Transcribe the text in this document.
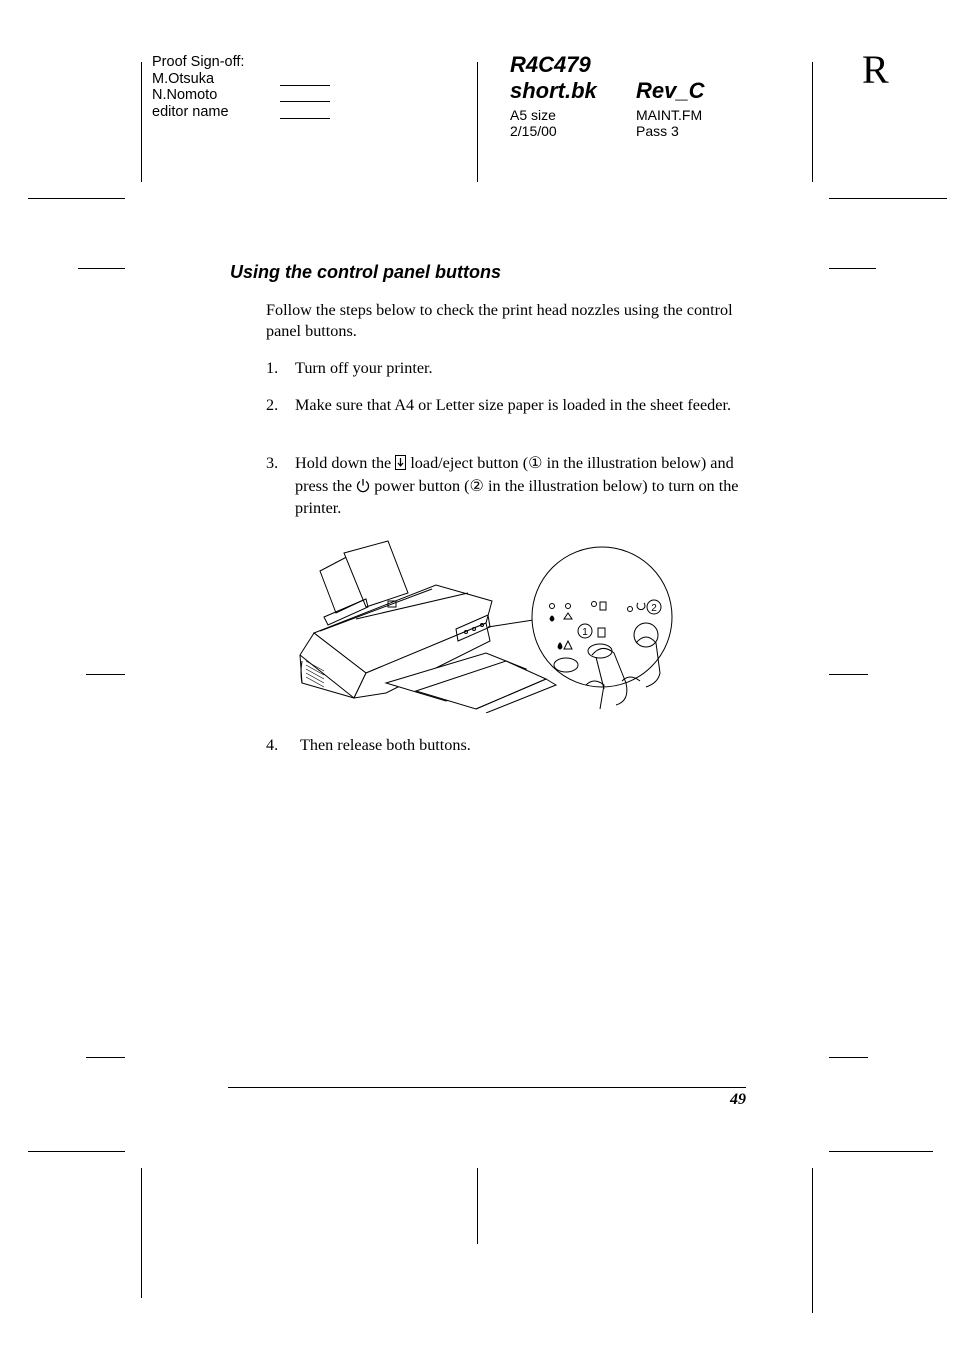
Proof Sign-off:
M.Otsuka
N.Nomoto
editor name
R4C479
short.bk Rev_C
A5 size
2/15/00
MAINT.FM
Pass 3
R
Using the control panel buttons
Follow the steps below to check the print head nozzles using the control panel buttons.
1. Turn off your printer.
2. Make sure that A4 or Letter size paper is loaded in the sheet feeder.
3. Hold down the  load/eject button (① in the illustration below) and press the  power button (② in the illustration below) to turn on the printer.
1
2
4. Then release both buttons.
49
